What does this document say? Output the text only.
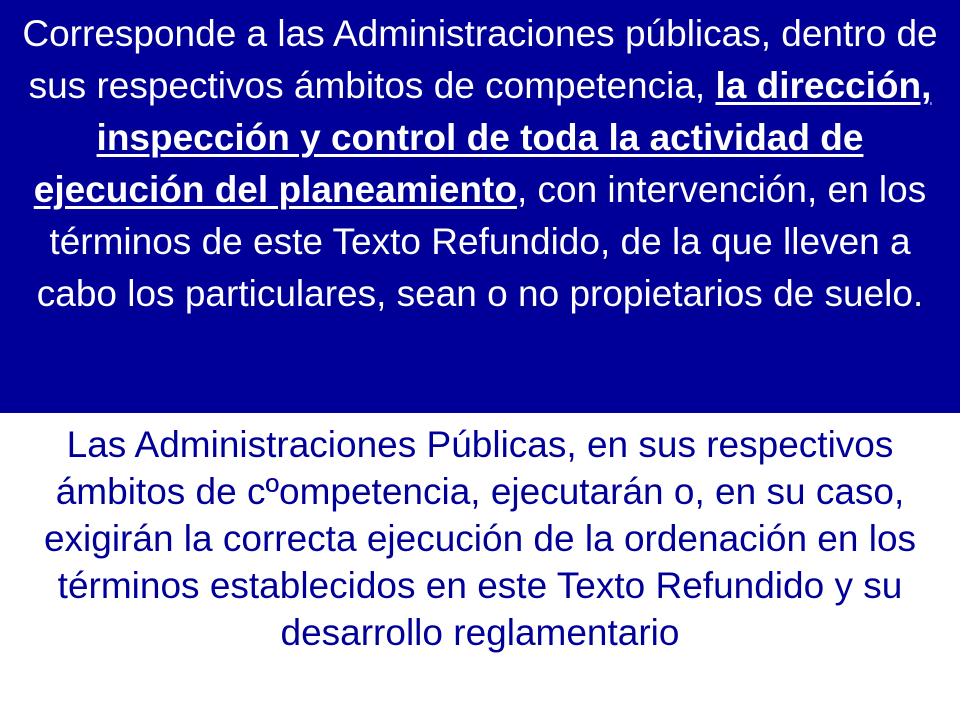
Corresponde a las Administraciones públicas, dentro de sus respectivos ámbitos de competencia, la dirección, inspección y control de toda la actividad de ejecución del planeamiento, con intervención, en los términos de este Texto Refundido, de la que lleven a cabo los particulares, sean o no propietarios de suelo.

Las Administraciones Públicas, en sus respectivos ámbitos de cºompetencia, ejecutarán o, en su caso, exigirán la correcta ejecución de la ordenación en los términos establecidos en este Texto Refundido y su desarrollo reglamentario
